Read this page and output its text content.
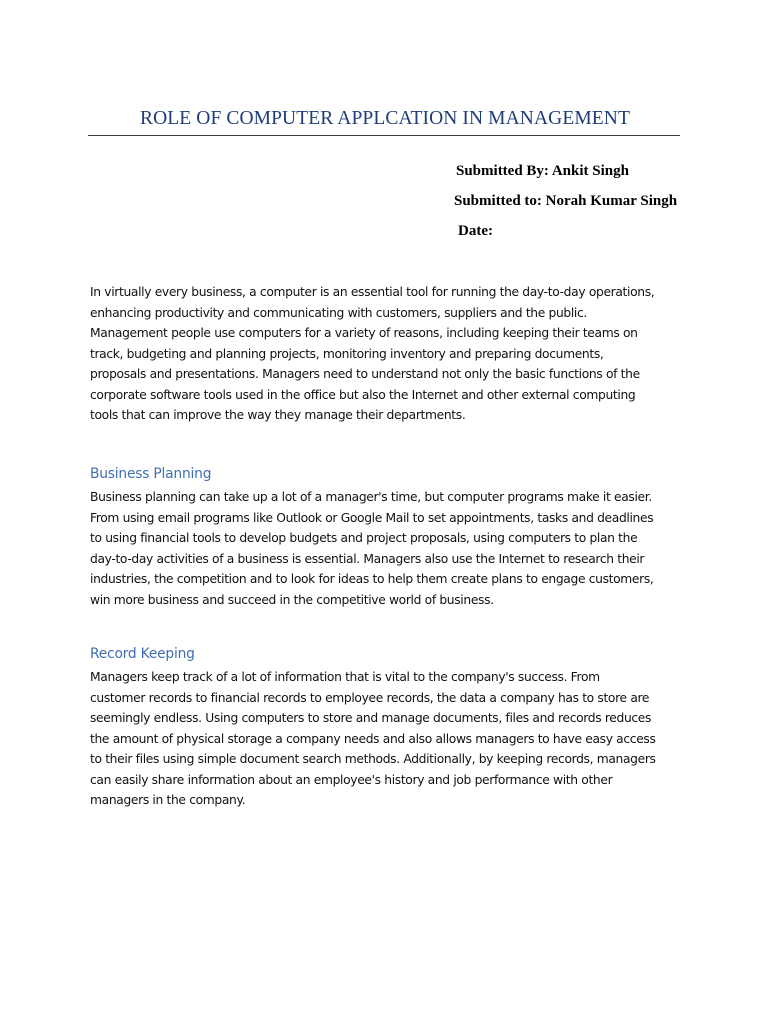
ROLE OF COMPUTER APPLCATION IN MANAGEMENT
Submitted By: Ankit Singh
Submitted to: Norah Kumar Singh
Date:
In virtually every business, a computer is an essential tool for running the day-to-day operations,
enhancing productivity and communicating with customers, suppliers and the public.
Management people use computers for a variety of reasons, including keeping their teams on
track, budgeting and planning projects, monitoring inventory and preparing documents,
proposals and presentations. Managers need to understand not only the basic functions of the
corporate software tools used in the office but also the Internet and other external computing
tools that can improve the way they manage their departments.
Business Planning
Business planning can take up a lot of a manager's time, but computer programs make it easier.
From using email programs like Outlook or Google Mail to set appointments, tasks and deadlines
to using financial tools to develop budgets and project proposals, using computers to plan the
day-to-day activities of a business is essential. Managers also use the Internet to research their
industries, the competition and to look for ideas to help them create plans to engage customers,
win more business and succeed in the competitive world of business.
Record Keeping
Managers keep track of a lot of information that is vital to the company's success. From
customer records to financial records to employee records, the data a company has to store are
seemingly endless. Using computers to store and manage documents, files and records reduces
the amount of physical storage a company needs and also allows managers to have easy access
to their files using simple document search methods. Additionally, by keeping records, managers
can easily share information about an employee's history and job performance with other
managers in the company.
